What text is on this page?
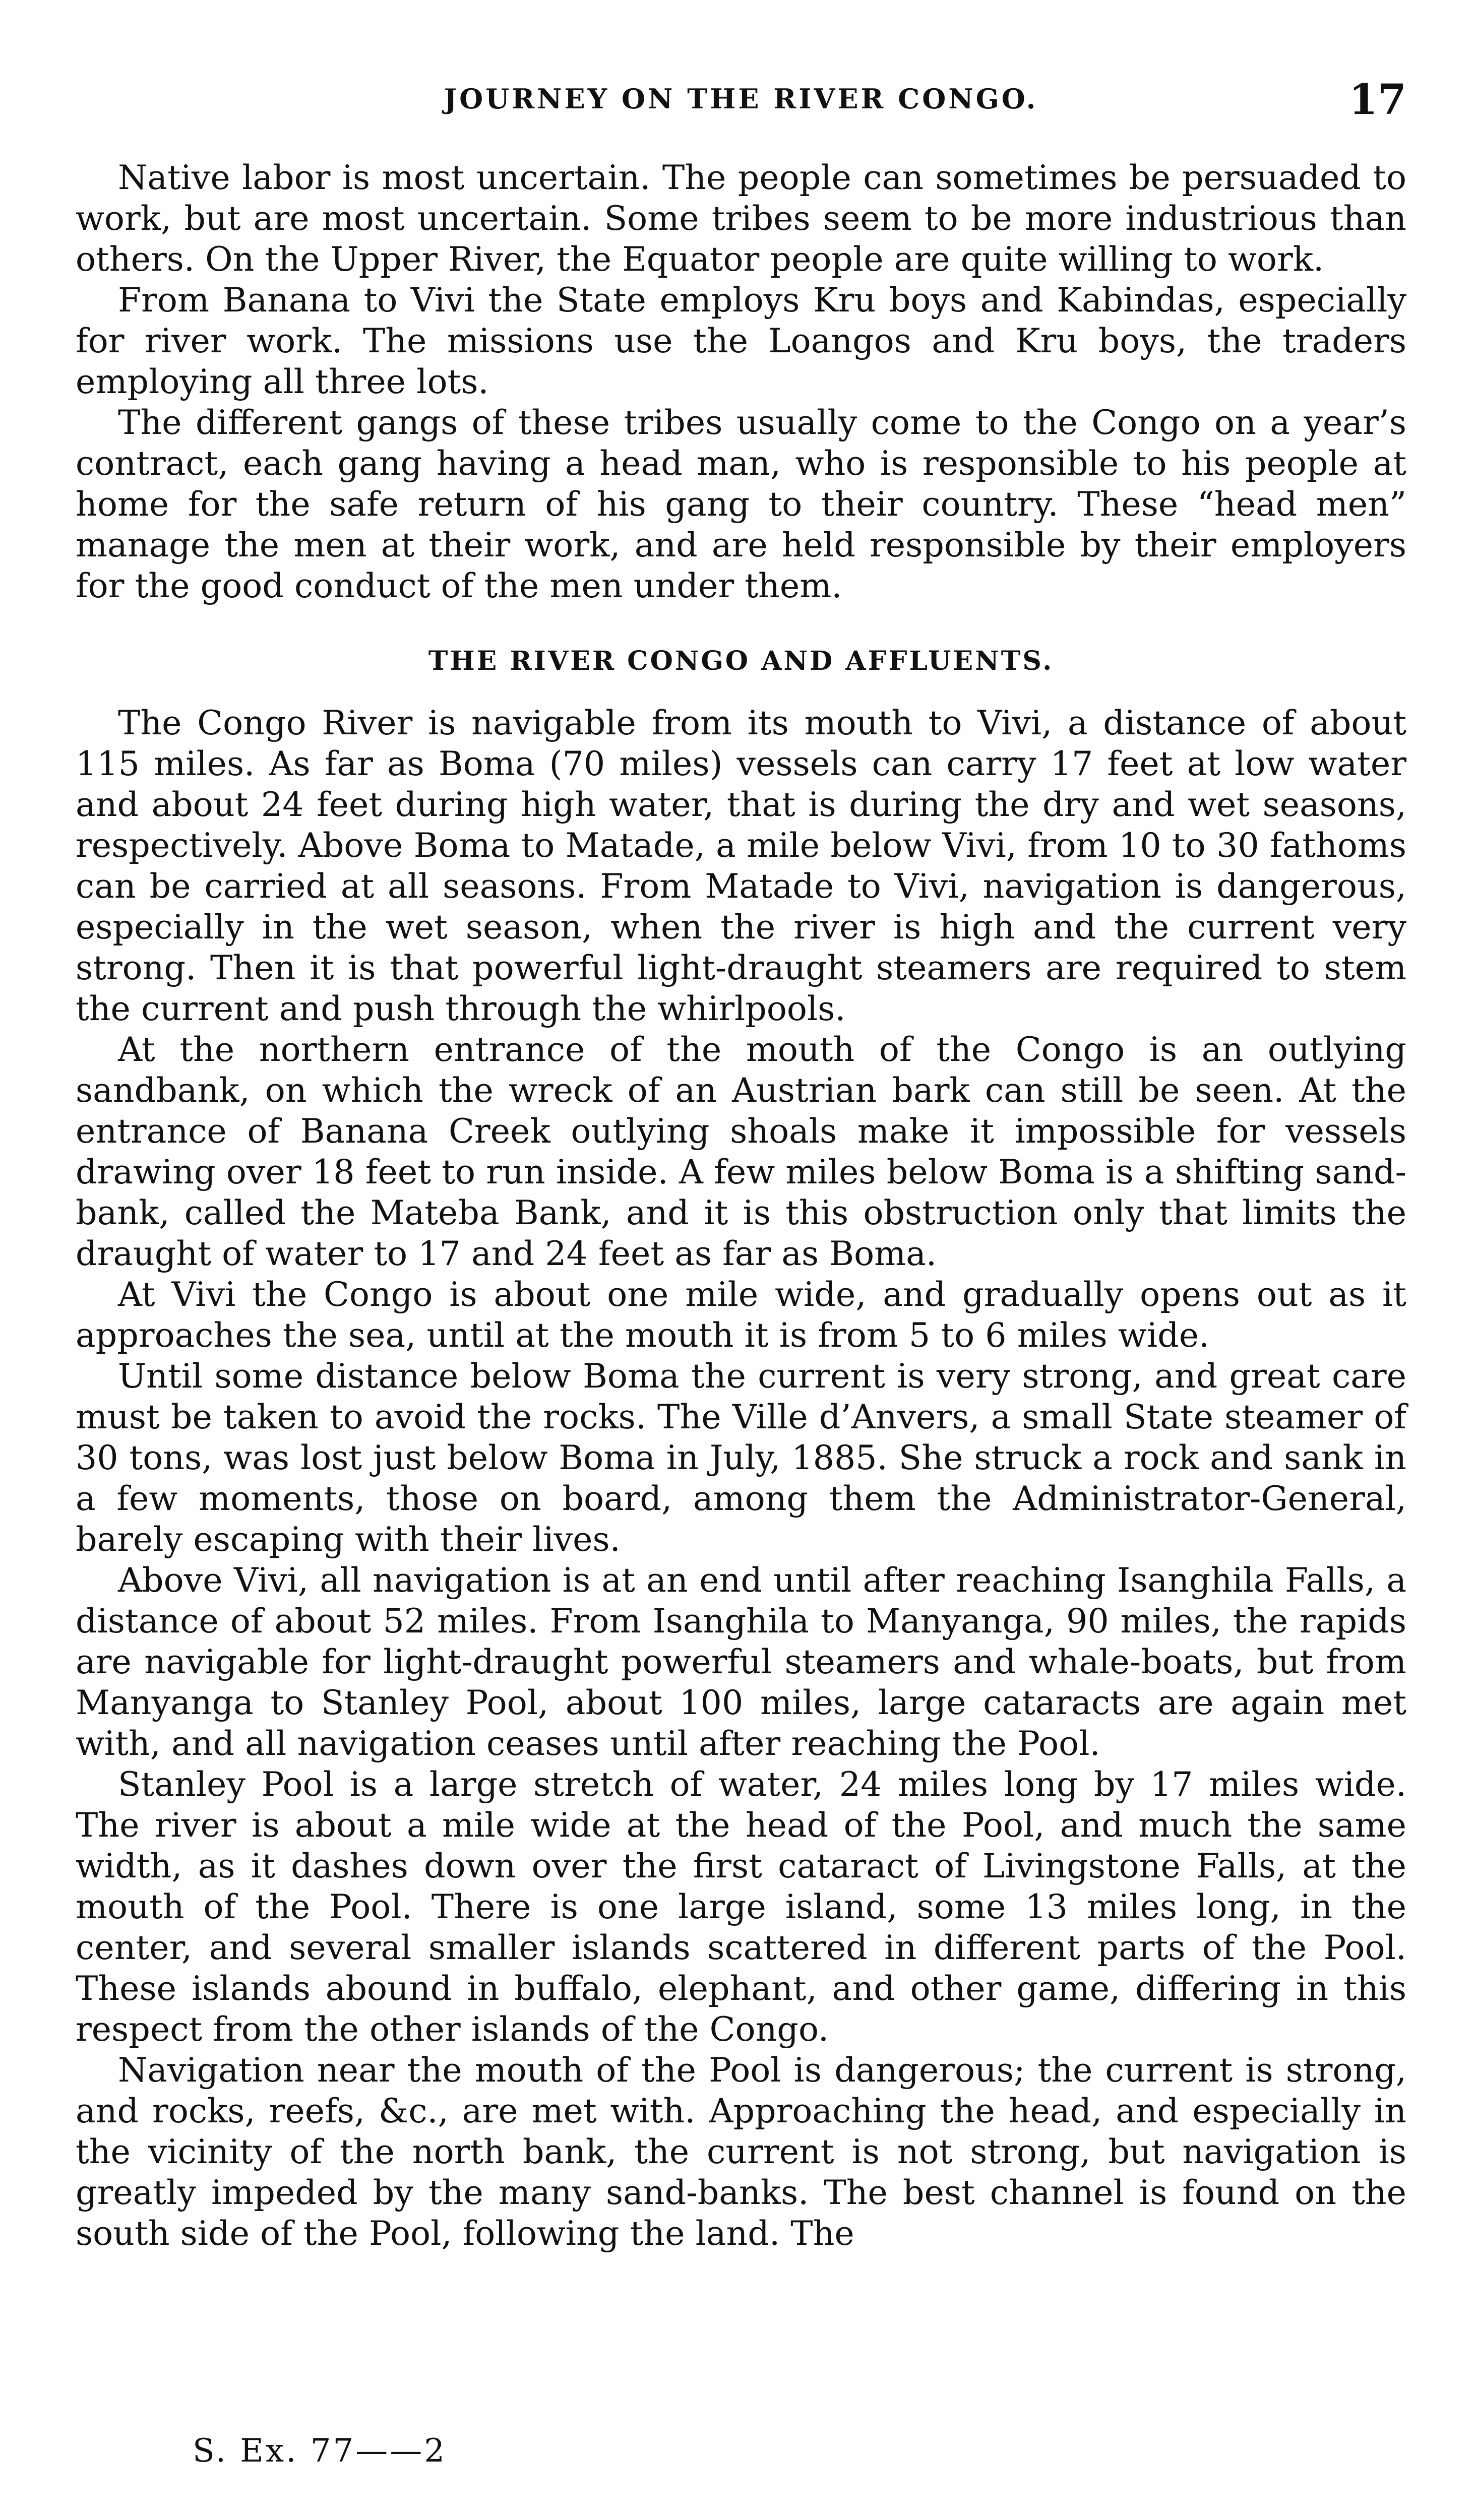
JOURNEY ON THE RIVER CONGO.	17

Native labor is most uncertain. The people can sometimes be persuaded to work, but are most uncertain. Some tribes seem to be more industrious than others. On the Upper River, the Equator people are quite willing to work.

From Banana to Vivi the State employs Kru boys and Kabindas, especially for river work. The missions use the Loangos and Kru boys, the traders employing all three lots.

The different gangs of these tribes usually come to the Congo on a year’s contract, each gang having a head man, who is responsible to his people at home for the safe return of his gang to their country. These “head men” manage the men at their work, and are held responsible by their employers for the good conduct of the men under them.

THE RIVER CONGO AND AFFLUENTS.

The Congo River is navigable from its mouth to Vivi, a distance of about 115 miles. As far as Boma (70 miles) vessels can carry 17 feet at low water and about 24 feet during high water, that is during the dry and wet seasons, respectively. Above Boma to Matade, a mile below Vivi, from 10 to 30 fathoms can be carried at all seasons. From Matade to Vivi, navigation is dangerous, especially in the wet season, when the river is high and the current very strong. Then it is that powerful light-draught steamers are required to stem the current and push through the whirlpools.

At the northern entrance of the mouth of the Congo is an outlying sandbank, on which the wreck of an Austrian bark can still be seen. At the entrance of Banana Creek outlying shoals make it impossible for vessels drawing over 18 feet to run inside. A few miles below Boma is a shifting sand-bank, called the Mateba Bank, and it is this obstruction only that limits the draught of water to 17 and 24 feet as far as Boma.

At Vivi the Congo is about one mile wide, and gradually opens out as it approaches the sea, until at the mouth it is from 5 to 6 miles wide.

Until some distance below Boma the current is very strong, and great care must be taken to avoid the rocks. The Ville d’Anvers, a small State steamer of 30 tons, was lost just below Boma in July, 1885. She struck a rock and sank in a few moments, those on board, among them the Administrator-General, barely escaping with their lives.

Above Vivi, all navigation is at an end until after reaching Isanghila Falls, a distance of about 52 miles. From Isanghila to Manyanga, 90 miles, the rapids are navigable for light-draught powerful steamers and whale-boats, but from Manyanga to Stanley Pool, about 100 miles, large cataracts are again met with, and all navigation ceases until after reaching the Pool.

Stanley Pool is a large stretch of water, 24 miles long by 17 miles wide. The river is about a mile wide at the head of the Pool, and much the same width, as it dashes down over the first cataract of Livingstone Falls, at the mouth of the Pool. There is one large island, some 13 miles long, in the center, and several smaller islands scattered in different parts of the Pool. These islands abound in buffalo, elephant, and other game, differing in this respect from the other islands of the Congo.

Navigation near the mouth of the Pool is dangerous; the current is strong, and rocks, reefs, &c., are met with. Approaching the head, and especially in the vicinity of the north bank, the current is not strong, but navigation is greatly impeded by the many sand-banks. The best channel is found on the south side of the Pool, following the land. The

S. Ex. 77——2
